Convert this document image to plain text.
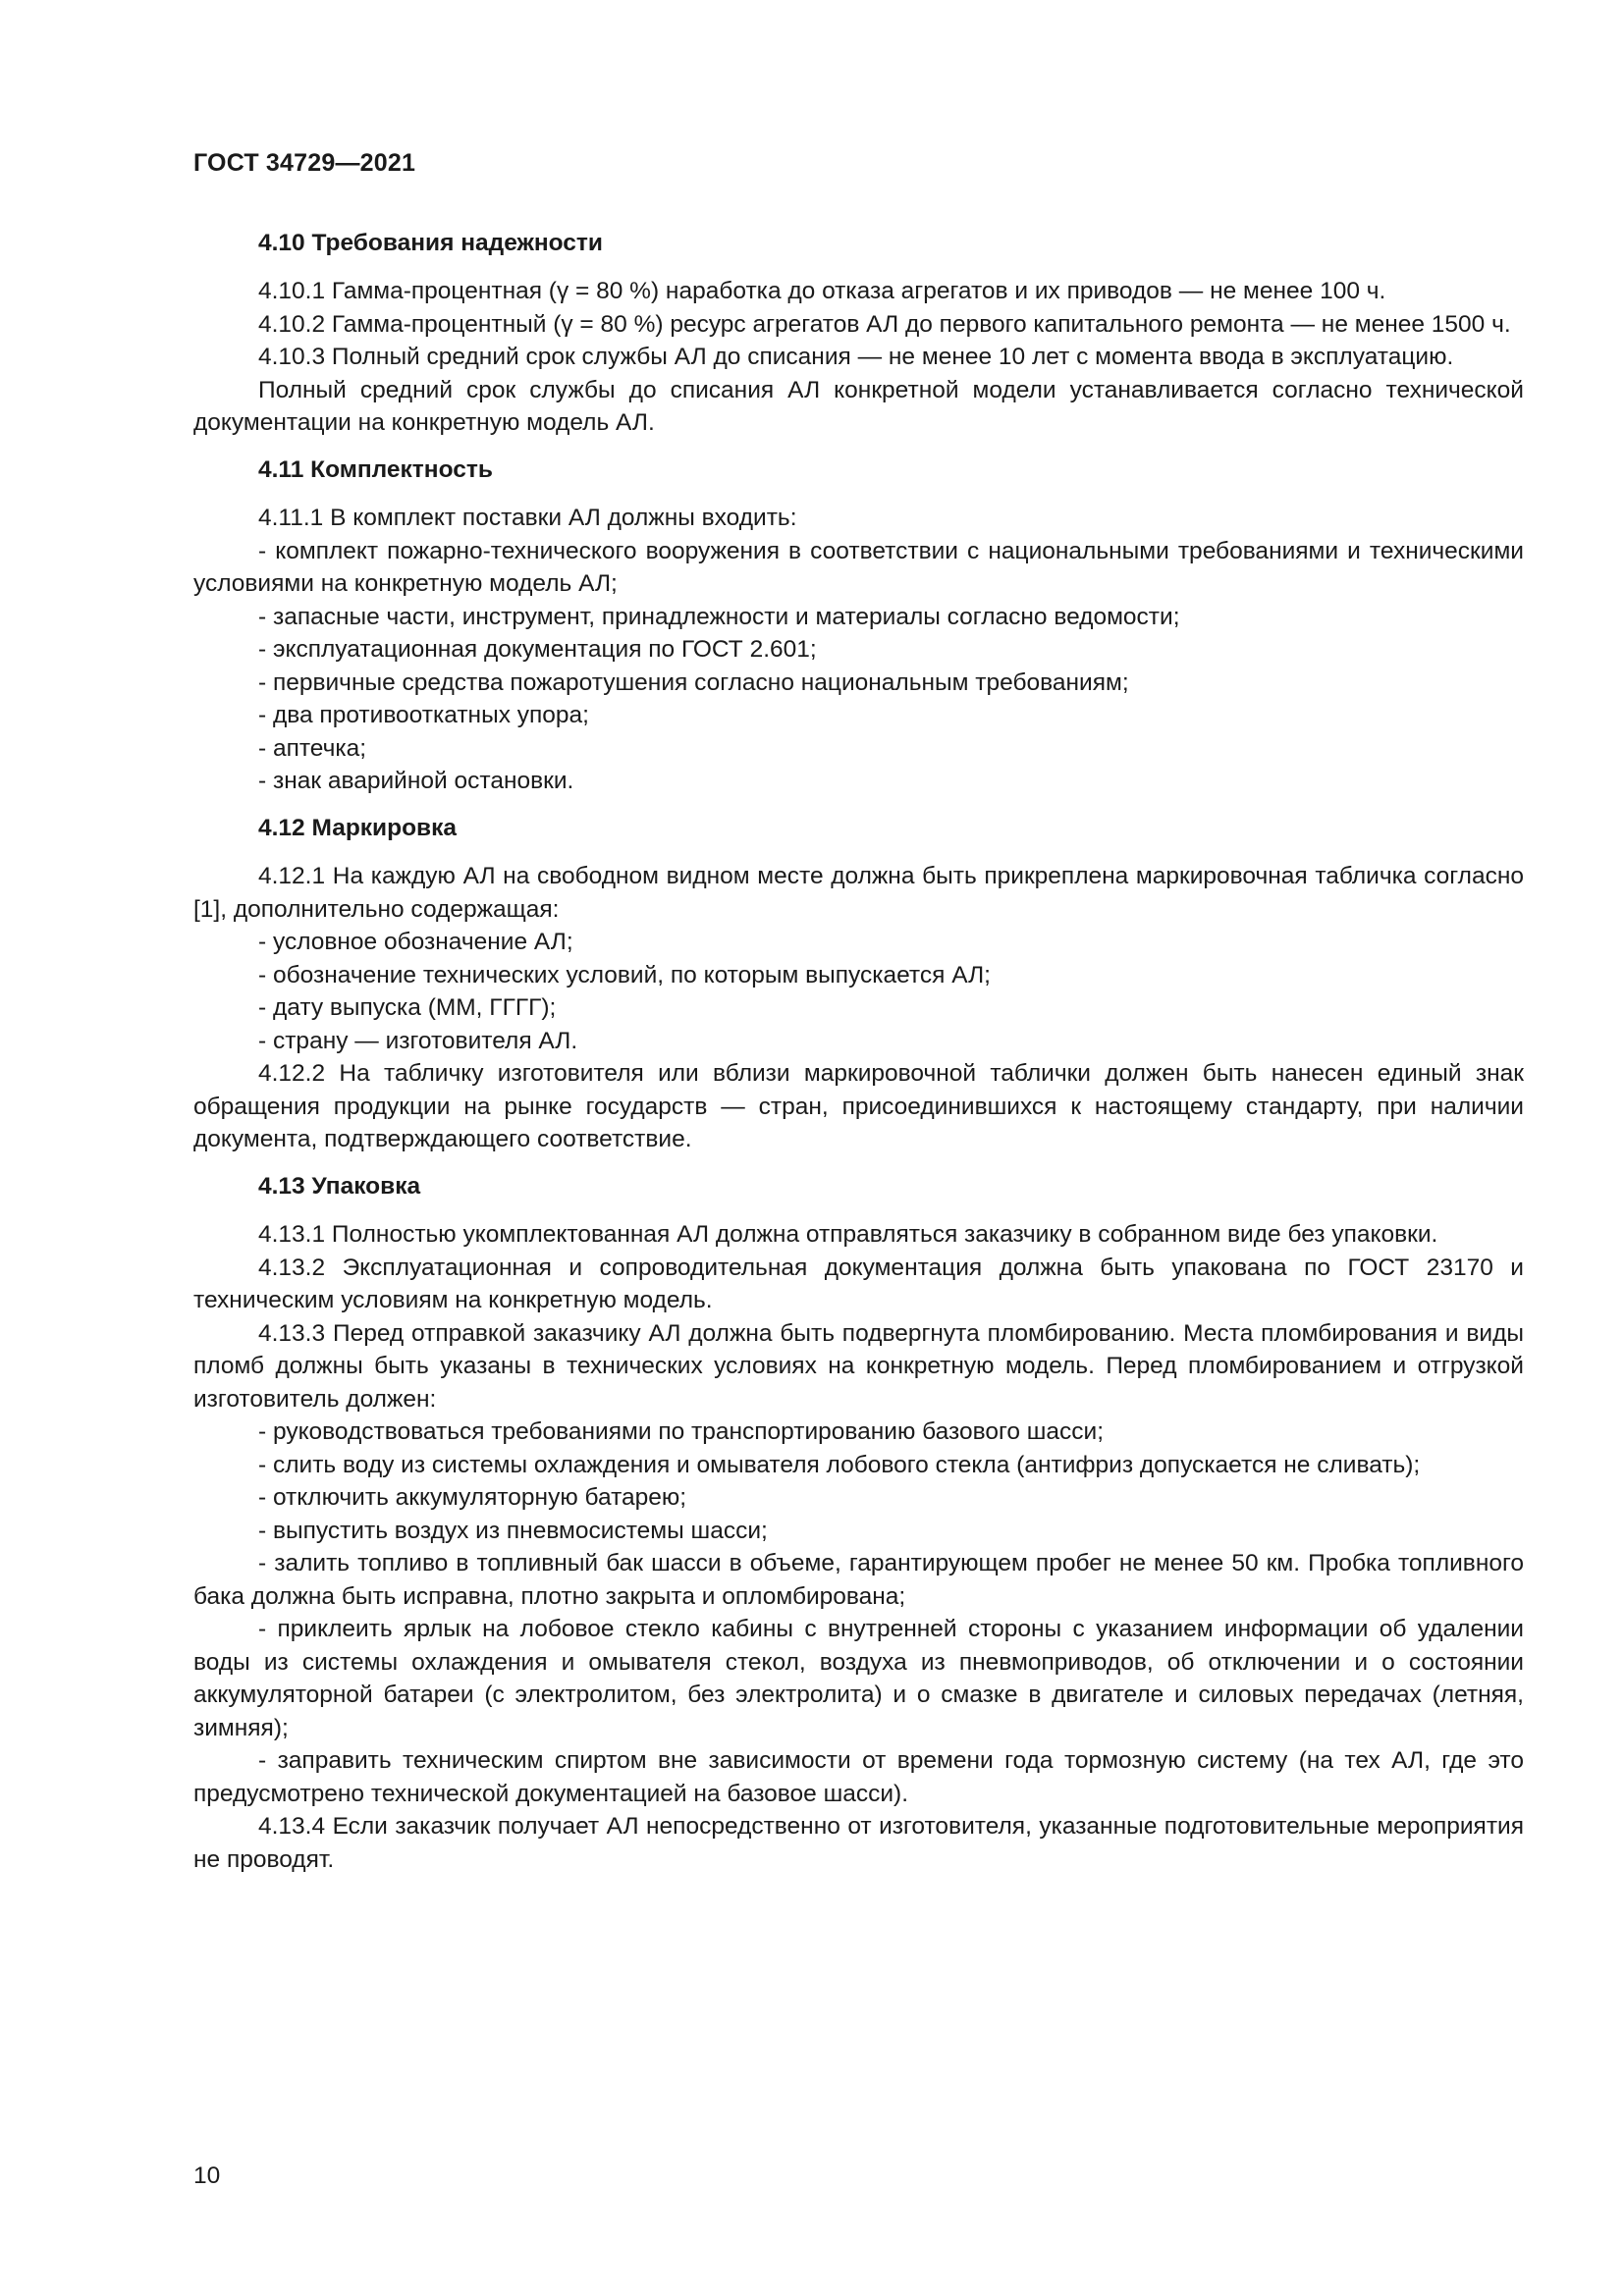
ГОСТ 34729—2021
4.10 Требования надежности

4.10.1 Гамма-процентная (γ = 80 %) наработка до отказа агрегатов и их приводов — не менее 100 ч.

4.10.2 Гамма-процентный (γ = 80 %) ресурс агрегатов АЛ до первого капитального ремонта — не менее 1500 ч.

4.10.3 Полный средний срок службы АЛ до списания — не менее 10 лет с момента ввода в эксплуатацию.

Полный средний срок службы до списания АЛ конкретной модели устанавливается согласно технической документации на конкретную модель АЛ.

4.11 Комплектность

4.11.1 В комплект поставки АЛ должны входить:

- комплект пожарно-технического вооружения в соответствии с национальными требованиями и техническими условиями на конкретную модель АЛ;

- запасные части, инструмент, принадлежности и материалы согласно ведомости;

- эксплуатационная документация по ГОСТ 2.601;

- первичные средства пожаротушения согласно национальным требованиям;

- два противооткатных упора;

- аптечка;

- знак аварийной остановки.

4.12 Маркировка

4.12.1 На каждую АЛ на свободном видном месте должна быть прикреплена маркировочная табличка согласно [1], дополнительно содержащая:

- условное обозначение АЛ;

- обозначение технических условий, по которым выпускается АЛ;

- дату выпуска (ММ, ГГГГ);

- страну — изготовителя АЛ.

4.12.2 На табличку изготовителя или вблизи маркировочной таблички должен быть нанесен единый знак обращения продукции на рынке государств — стран, присоединившихся к настоящему стандарту, при наличии документа, подтверждающего соответствие.

4.13 Упаковка

4.13.1 Полностью укомплектованная АЛ должна отправляться заказчику в собранном виде без упаковки.

4.13.2 Эксплуатационная и сопроводительная документация должна быть упакована по ГОСТ 23170 и техническим условиям на конкретную модель.

4.13.3 Перед отправкой заказчику АЛ должна быть подвергнута пломбированию. Места пломбирования и виды пломб должны быть указаны в технических условиях на конкретную модель. Перед пломбированием и отгрузкой изготовитель должен:

- руководствоваться требованиями по транспортированию базового шасси;

- слить воду из системы охлаждения и омывателя лобового стекла (антифриз допускается не сливать);

- отключить аккумуляторную батарею;

- выпустить воздух из пневмосистемы шасси;

- залить топливо в топливный бак шасси в объеме, гарантирующем пробег не менее 50 км. Пробка топливного бака должна быть исправна, плотно закрыта и опломбирована;

- приклеить ярлык на лобовое стекло кабины с внутренней стороны с указанием информации об удалении воды из системы охлаждения и омывателя стекол, воздуха из пневмоприводов, об отключении и о состоянии аккумуляторной батареи (с электролитом, без электролита) и о смазке в двигателе и силовых передачах (летняя, зимняя);

- заправить техническим спиртом вне зависимости от времени года тормозную систему (на тех АЛ, где это предусмотрено технической документацией на базовое шасси).

4.13.4 Если заказчик получает АЛ непосредственно от изготовителя, указанные подготовительные мероприятия не проводят.

10
